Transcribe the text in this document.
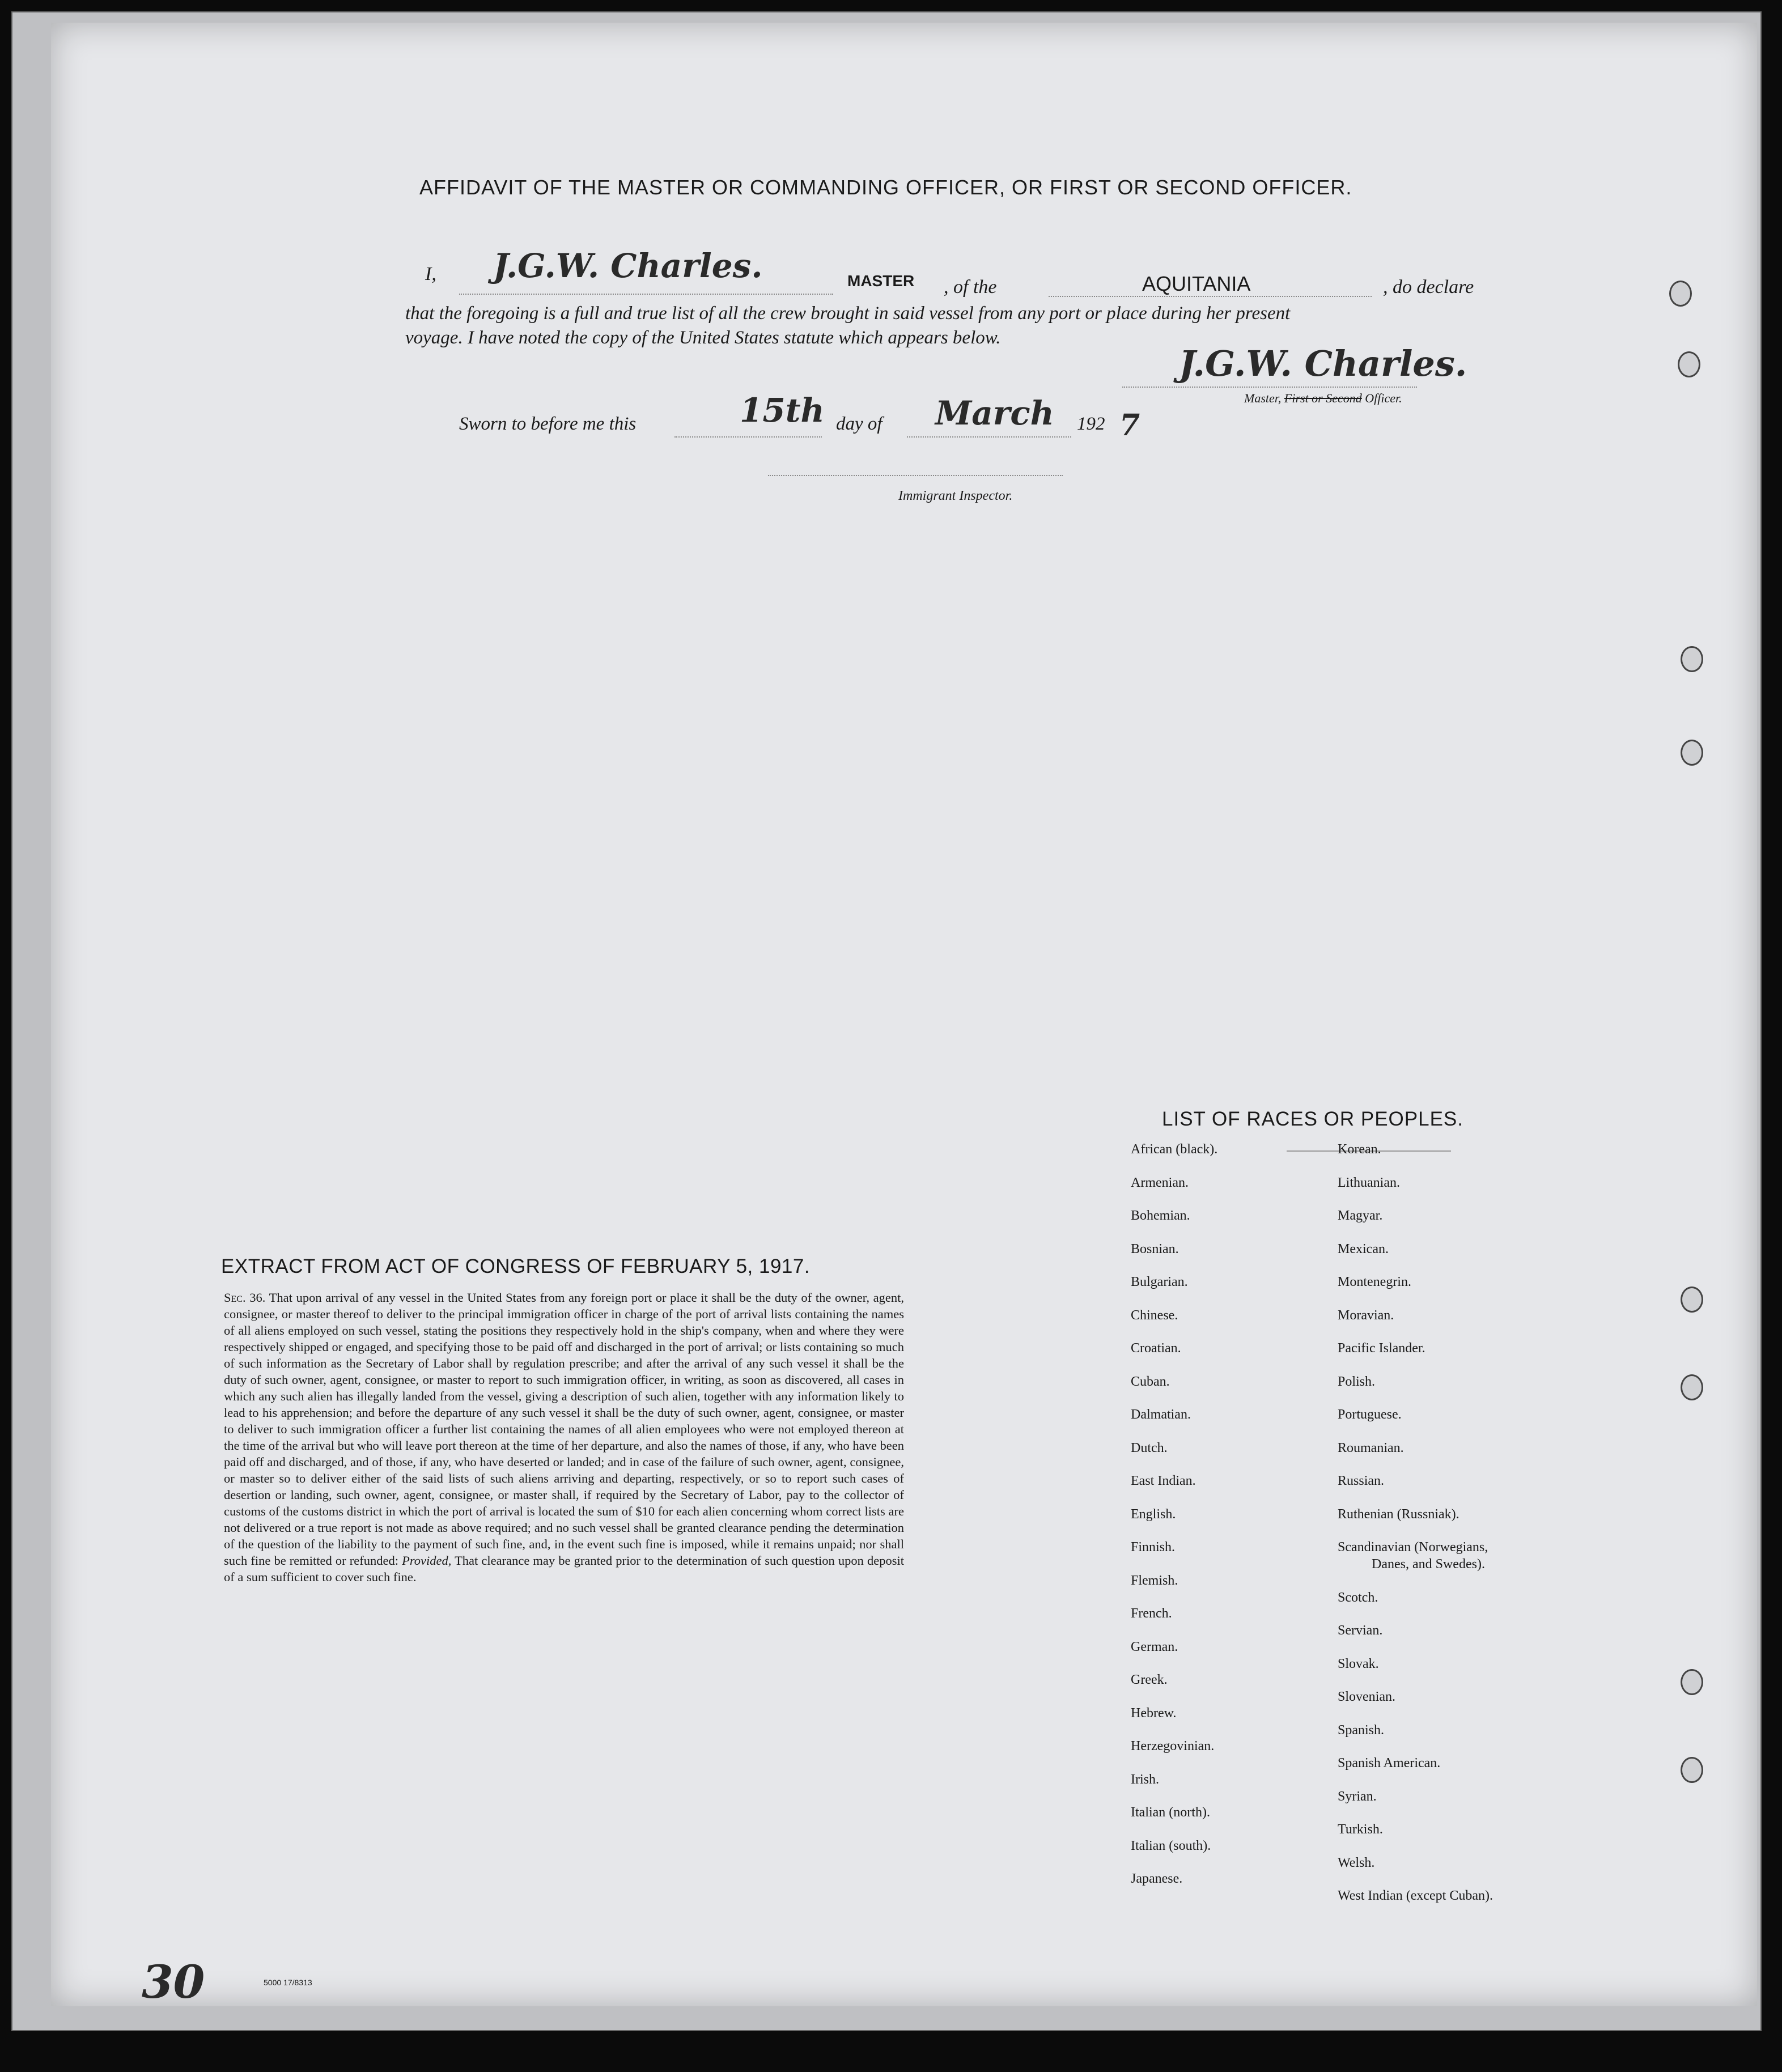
AFFIDAVIT OF THE MASTER OR COMMANDING OFFICER, OR FIRST OR SECOND OFFICER.
I, J.G.W. Charles.	MASTER , of the	AQUITANIA	, do declare
that the foregoing is a full and true list of all the crew brought in said vessel from any port or place during her present
voyage. I have noted the copy of the United States statute which appears below.
J.G.W. Charles.
Master, First or Second Officer.
Sworn to before me this	15th day of March 192 7
Immigrant Inspector.
EXTRACT FROM ACT OF CONGRESS OF FEBRUARY 5, 1917.
Sec. 36. That upon arrival of any vessel in the United States from any foreign port or place it shall be the duty of the owner, agent, consignee, or master thereof to deliver to the principal immigration officer in charge of the port of arrival lists containing the names of all aliens employed on such vessel, stating the positions they respectively hold in the ship's company, when and where they were respectively shipped or engaged, and specifying those to be paid off and discharged in the port of arrival; or lists containing so much of such information as the Secretary of Labor shall by regulation prescribe; and after the arrival of any such vessel it shall be the duty of such owner, agent, consignee, or master to report to such immigration officer, in writing, as soon as discovered, all cases in which any such alien has illegally landed from the vessel, giving a description of such alien, together with any information likely to lead to his apprehension; and before the departure of any such vessel it shall be the duty of such owner, agent, consignee, or master to deliver to such immigration officer a further list containing the names of all alien employees who were not employed thereon at the time of the arrival but who will leave port thereon at the time of her departure, and also the names of those, if any, who have been paid off and discharged, and of those, if any, who have deserted or landed; and in case of the failure of such owner, agent, consignee, or master so to deliver either of the said lists of such aliens arriving and departing, respectively, or so to report such cases of desertion or landing, such owner, agent, consignee, or master shall, if required by the Secretary of Labor, pay to the collector of customs of the customs district in which the port of arrival is located the sum of $10 for each alien concerning whom correct lists are not delivered or a true report is not made as above required; and no such vessel shall be granted clearance pending the determination of the question of the liability to the payment of such fine, and, in the event such fine is imposed, while it remains unpaid; nor shall such fine be remitted or refunded: Provided, That clearance may be granted prior to the determination of such question upon deposit of a sum sufficient to cover such fine.
LIST OF RACES OR PEOPLES.
African (black).
Armenian.
Bohemian.
Bosnian.
Bulgarian.
Chinese.
Croatian.
Cuban.
Dalmatian.
Dutch.
East Indian.
English.
Finnish.
Flemish.
French.
German.
Greek.
Hebrew.
Herzegovinian.
Irish.
Italian (north).
Italian (south).
Japanese.
Korean.
Lithuanian.
Magyar.
Mexican.
Montenegrin.
Moravian.
Pacific Islander.
Polish.
Portuguese.
Roumanian.
Russian.
Ruthenian (Russniak).
Scandinavian (Norwegians,
Danes, and Swedes).
Scotch.
Servian.
Slovak.
Slovenian.
Spanish.
Spanish American.
Syrian.
Turkish.
Welsh.
West Indian (except Cuban).
30	5000 17/8313
